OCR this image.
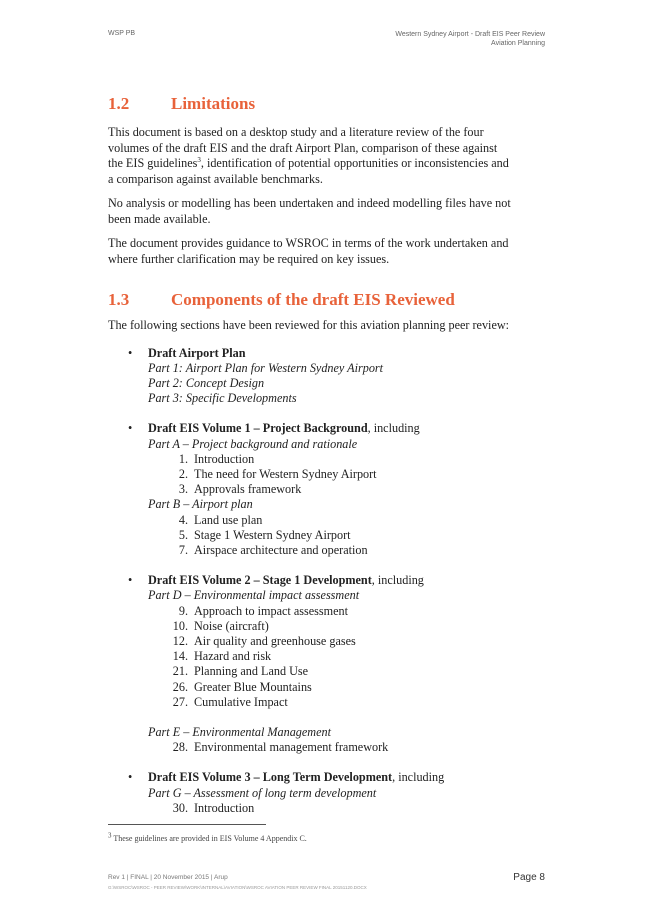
WSP PB	Western Sydney Airport - Draft EIS Peer Review
Aviation Planning
1.2	Limitations

This document is based on a desktop study and a literature review of the four
volumes of the draft EIS and the draft Airport Plan, comparison of these against
the EIS guidelines$^3$, identification of potential opportunities or inconsistencies and
a comparison against available benchmarks.

No analysis or modelling has been undertaken and indeed modelling files have not
been made available.

The document provides guidance to WSROC in terms of the work undertaken and
where further clarification may be required on key issues.

1.3	Components of the draft EIS Reviewed

The following sections have been reviewed for this aviation planning peer review:

• Draft Airport Plan
Part 1: Airport Plan for Western Sydney Airport
Part 2: Concept Design
Part 3: Specific Developments
• Draft EIS Volume 1 – Project Background, including
Part A – Project background and rationale
1. Introduction
2. The need for Western Sydney Airport
3. Approvals framework
Part B – Airport plan
4. Land use plan
5. Stage 1 Western Sydney Airport
7. Airspace architecture and operation
• Draft EIS Volume 2 – Stage 1 Development, including
Part D – Environmental impact assessment
9. Approach to impact assessment
10. Noise (aircraft)
12. Air quality and greenhouse gases
14. Hazard and risk
21. Planning and Land Use
26. Greater Blue Mountains
27. Cumulative Impact
Part E – Environmental Management
28. Environmental management framework
• Draft EIS Volume 3 – Long Term Development, including
Part G – Assessment of long term development
30. Introduction
$^3$ These guidelines are provided in EIS Volume 4 Appendix C.
Rev 1 | FINAL | 20 November 2015 | Arup	Page 8
G:\WSROC\WSROC - PEER REVIEW\WORK\INTERNAL\AVIATION\WSROC AVIATION PEER REVIEW FINAL 20151120.DOCX
